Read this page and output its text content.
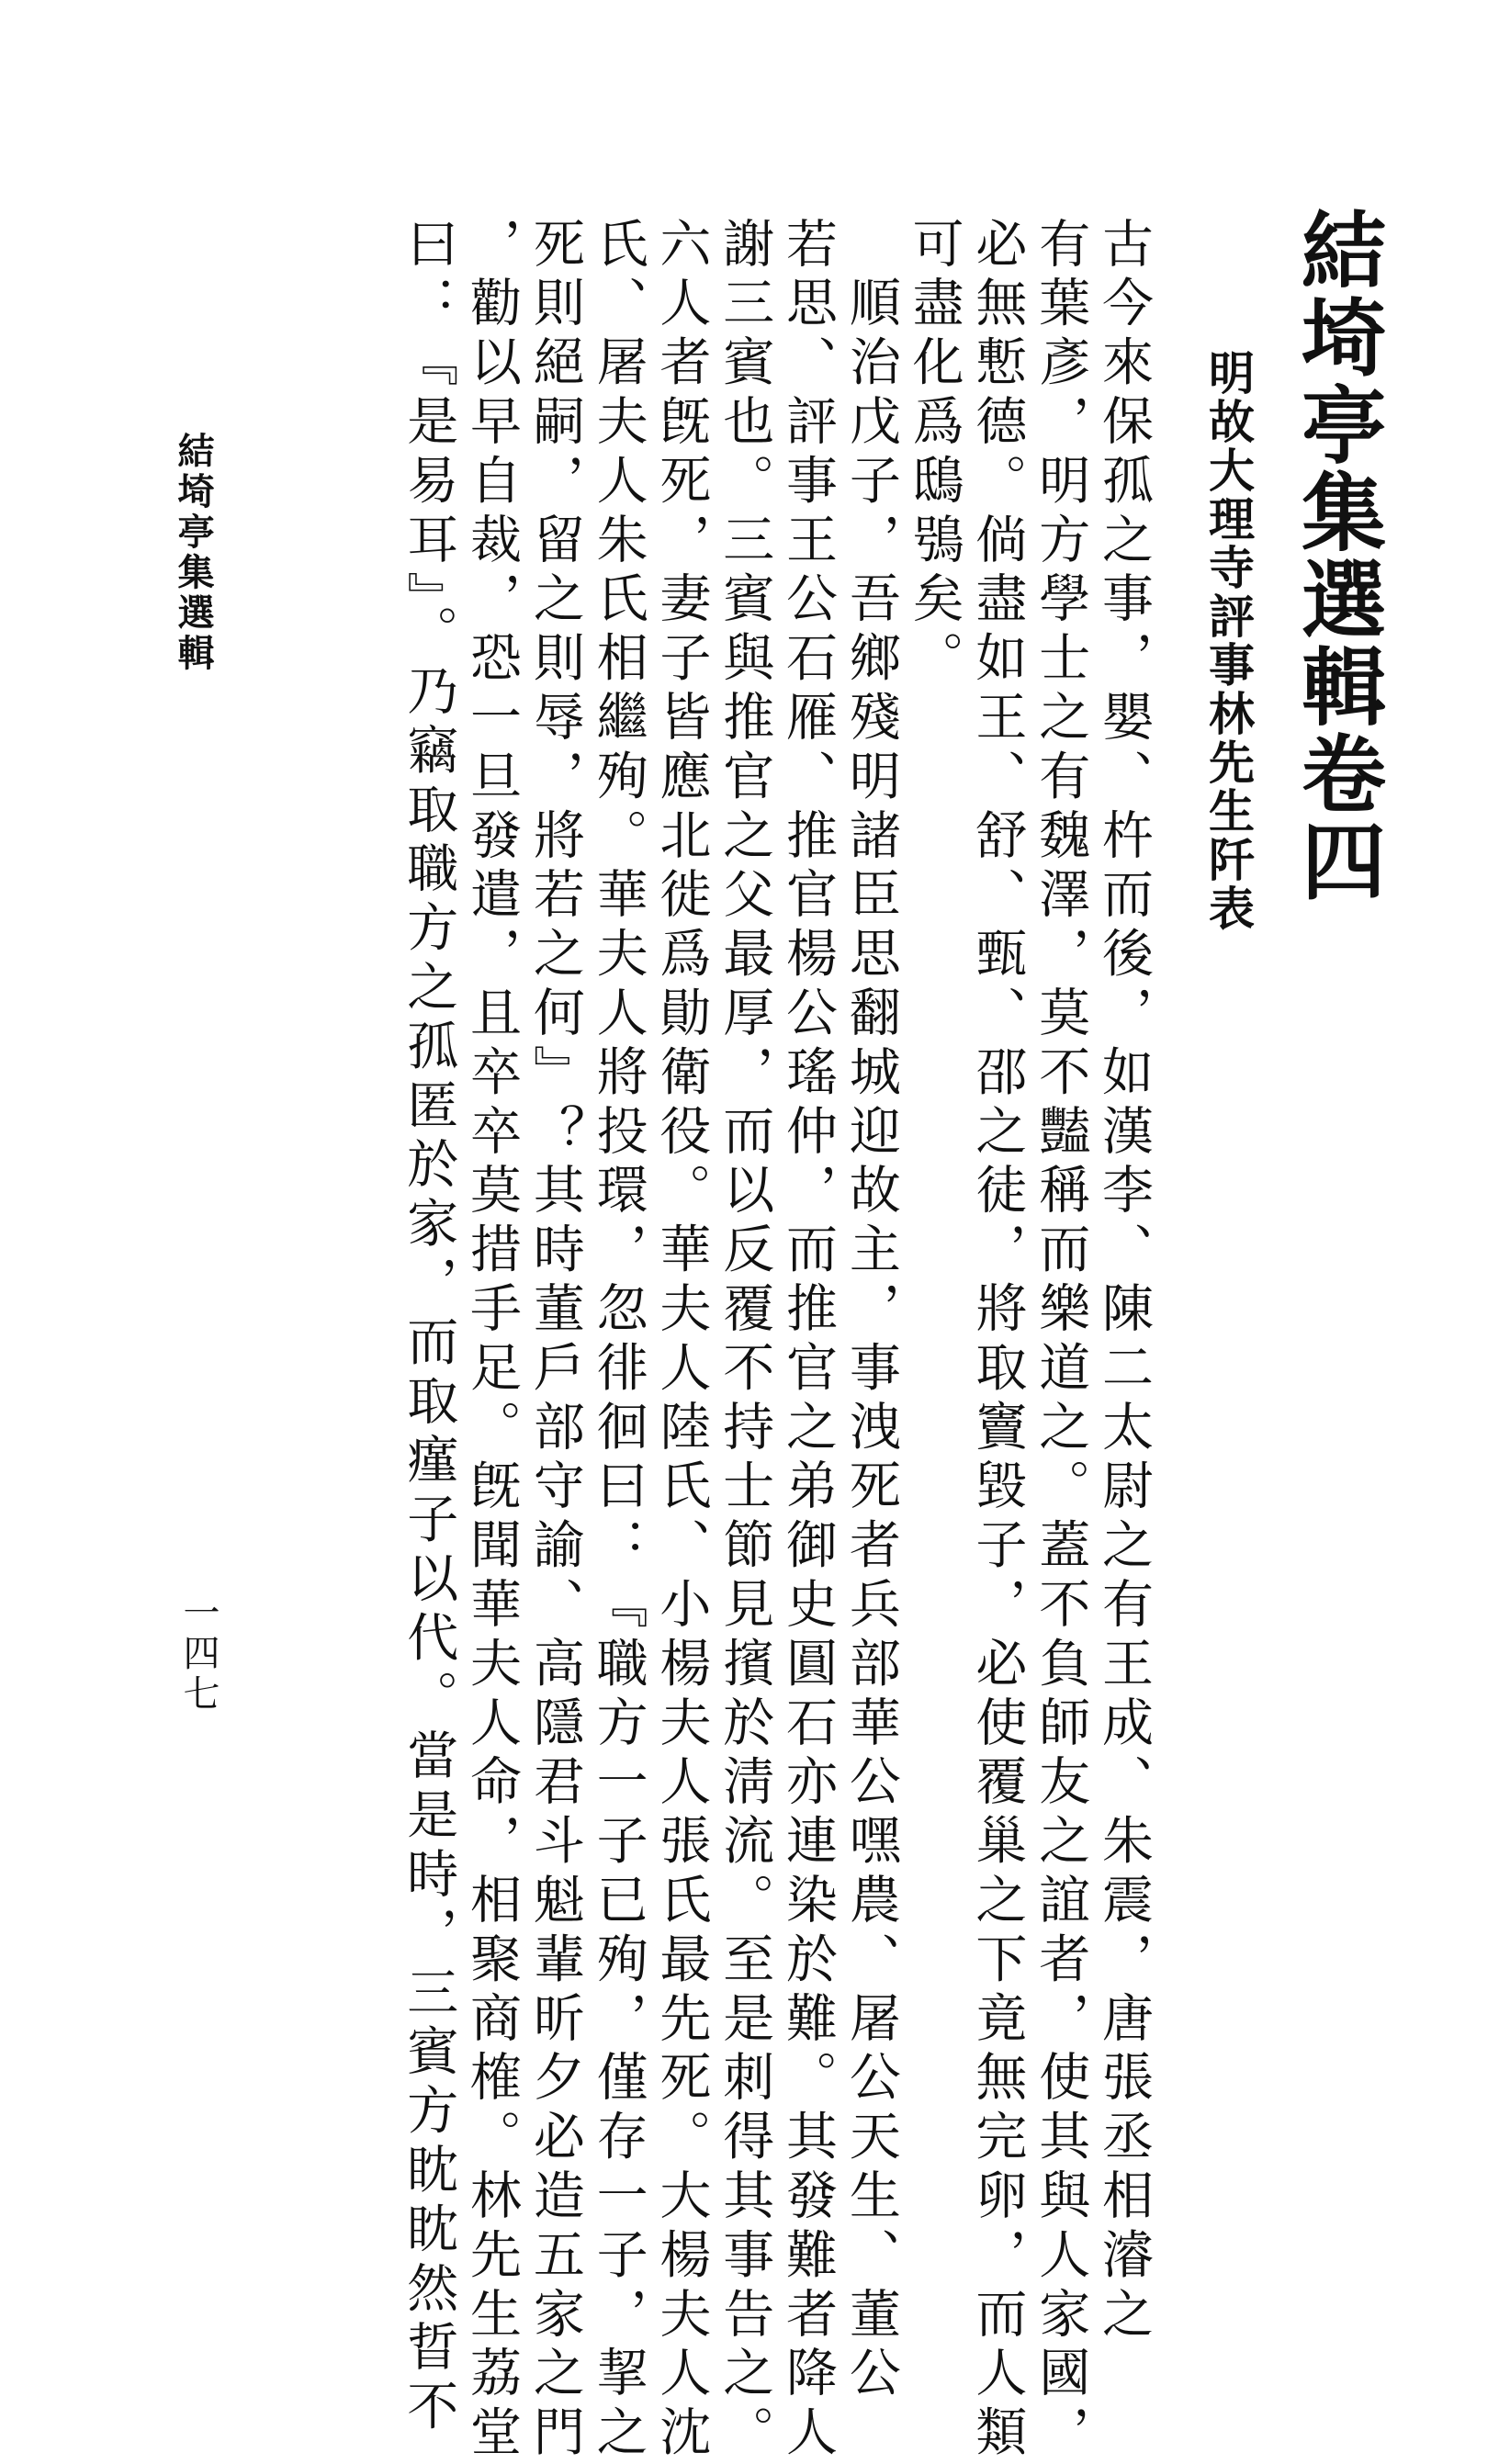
結埼亭集選輯卷四
明故大理寺評事林先生阡表

古今來保孤之事，嬰、杵而後，如漢李、陳二太尉之有王成、朱震，唐張丞相濬之

有葉彥，明方學士之有魏澤，莫不豔稱而樂道之。蓋不負師友之誼者，使其與人家國，

必無慙德。倘盡如王、舒、甄、邵之徒，將取竇毀子，必使覆巢之下竟無完卵，而人類

可盡化爲鴟鴞矣。

　順治戊子，吾鄉殘明諸臣思翻城迎故主，事洩死者兵部華公嘿農、屠公天生、董公

若思、評事王公石雁、推官楊公瑤仲，而推官之弟御史圓石亦連染於難。其發難者降人

謝三賓也。三賓與推官之父最厚，而以反覆不持士節見擯於淸流。至是刺得其事告之。

六人者旣死，妻子皆應北徙爲勛衛役。華夫人陸氏、小楊夫人張氏最先死。大楊夫人沈

氏、屠夫人朱氏相繼殉。華夫人將投環，忽徘徊曰：『職方一子已殉，僅存一子，挈之

死則絕嗣，留之則辱，將若之何』？其時董戶部守諭、高隱君斗魁輩昕夕必造五家之門

，勸以早自裁，恐一旦發遣，且卒卒莫措手足。旣聞華夫人命，相聚商榷。林先生荔堂

曰：『是易耳』。乃竊取職方之孤匿於家，而取瘽子以代。當是時，三賓方眈眈然晢不

結埼亭集選輯
一四七
